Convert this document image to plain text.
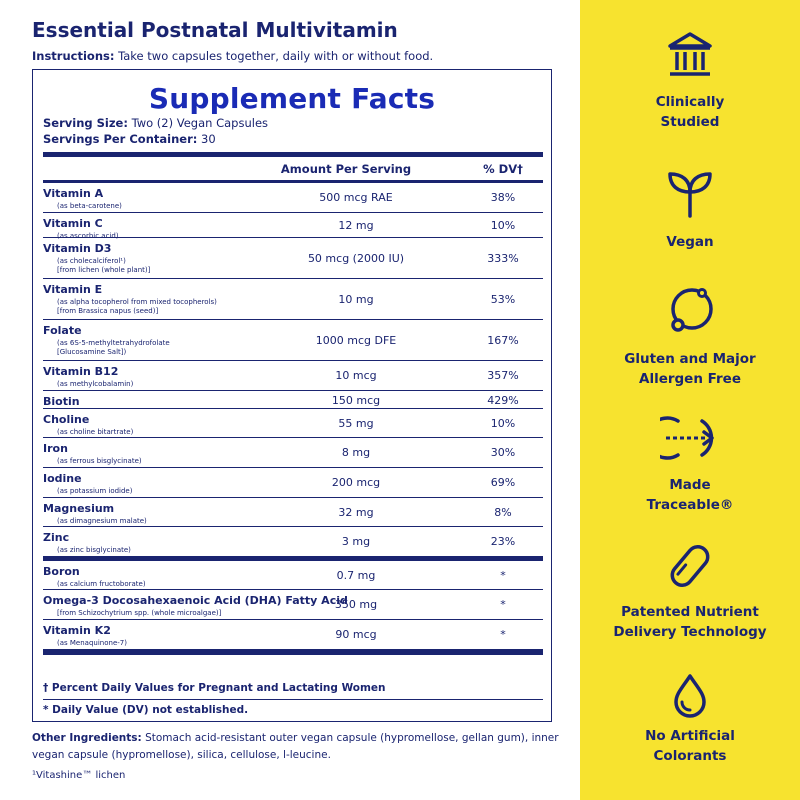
Essential Postnatal Multivitamin
Instructions: Take two capsules together, daily with or without food.
Supplement Facts
Serving Size: Two (2) Vegan Capsules
Servings Per Container: 30
Amount Per Serving	% DV†
Vitamin A
(as beta-carotene)
500 mcg RAE	38%
Vitamin C
(as ascorbic acid)
12 mg	10%
Vitamin D3
(as cholecalciferol¹)
[from lichen (whole plant)]
50 mcg (2000 IU)	333%
Vitamin E
(as alpha tocopherol from mixed tocopherols)
[from Brassica napus (seed)]
10 mg	53%
Folate
(as 6S-5-methyltetrahydrofolate
[Glucosamine Salt])
1000 mcg DFE	167%
Vitamin B12
(as methylcobalamin)
10 mcg	357%
Biotin	150 mcg	429%
Choline
(as choline bitartrate)
55 mg	10%
Iron
(as ferrous bisglycinate)
8 mg	30%
Iodine
(as potassium iodide)
200 mcg	69%
Magnesium
(as dimagnesium malate)
32 mg	8%
Zinc
(as zinc bisglycinate)
3 mg	23%
Boron
(as calcium fructoborate)
0.7 mg	*
Omega-3 Docosahexaenoic Acid (DHA) Fatty Acid
[from Schizochytrium spp. (whole microalgae)]
350 mg	*
Vitamin K2
(as Menaquinone-7)
90 mcg	*
† Percent Daily Values for Pregnant and Lactating Women
* Daily Value (DV) not established.
Other Ingredients: Stomach acid-resistant outer vegan capsule (hypromellose, gellan gum), inner vegan capsule (hypromellose), silica, cellulose, l-leucine.
¹Vitashine™ lichen
Clinically
Studied
Vegan
Gluten and Major
Allergen Free
Made
Traceable®
Patented Nutrient
Delivery Technology
No Artificial
Colorants
